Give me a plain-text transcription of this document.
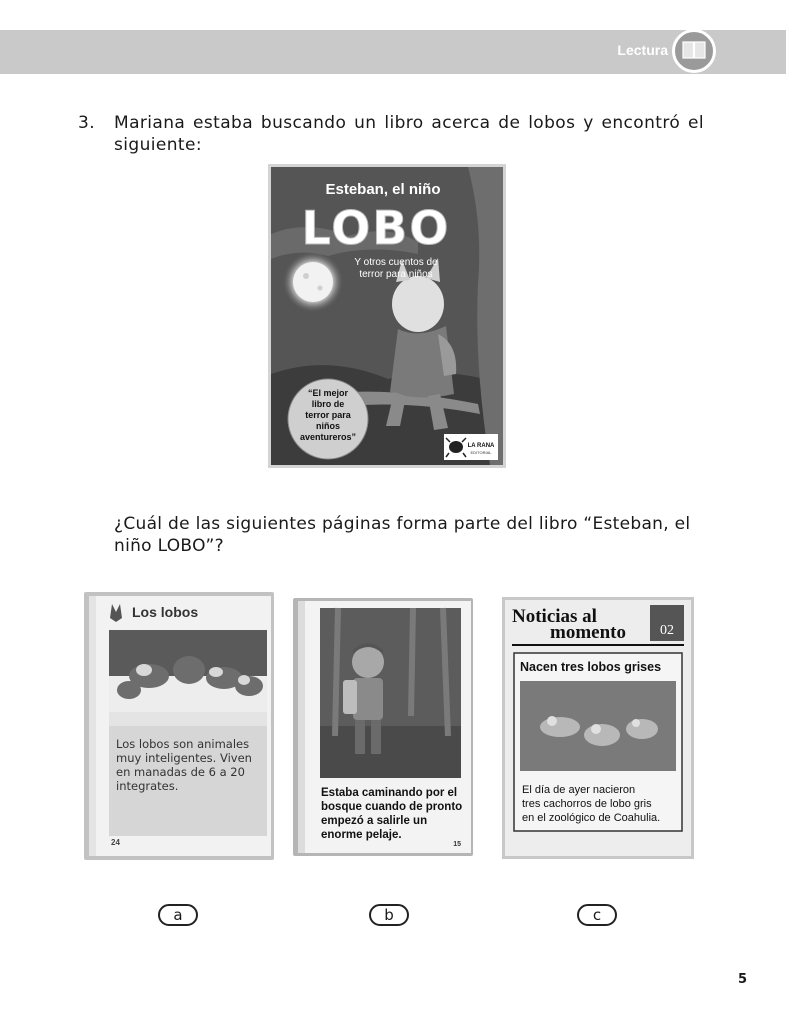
Lectura
3. Mariana estaba buscando un libro acerca de lobos y encontró el siguiente:
Esteban, el niño
LOBO
Y otros cuentos de
terror para niños
“El mejor
libro de
terror para
niños
aventureros”
LA RANA
EDITORIAL
¿Cuál de las siguientes páginas forma parte del libro “Esteban, el niño LOBO”?
Los lobos
Los lobos son animales
muy inteligentes. Viven
en manadas de 6 a 20
integrates.
24
Estaba caminando por el
bosque cuando de pronto
empezó a salirle un
enorme pelaje.
15
Noticias al
momento 02
Nacen tres lobos grises
El día de ayer nacieron
tres cachorros de lobo gris
en el zoológico de Coahulia.
a	b	c
5
